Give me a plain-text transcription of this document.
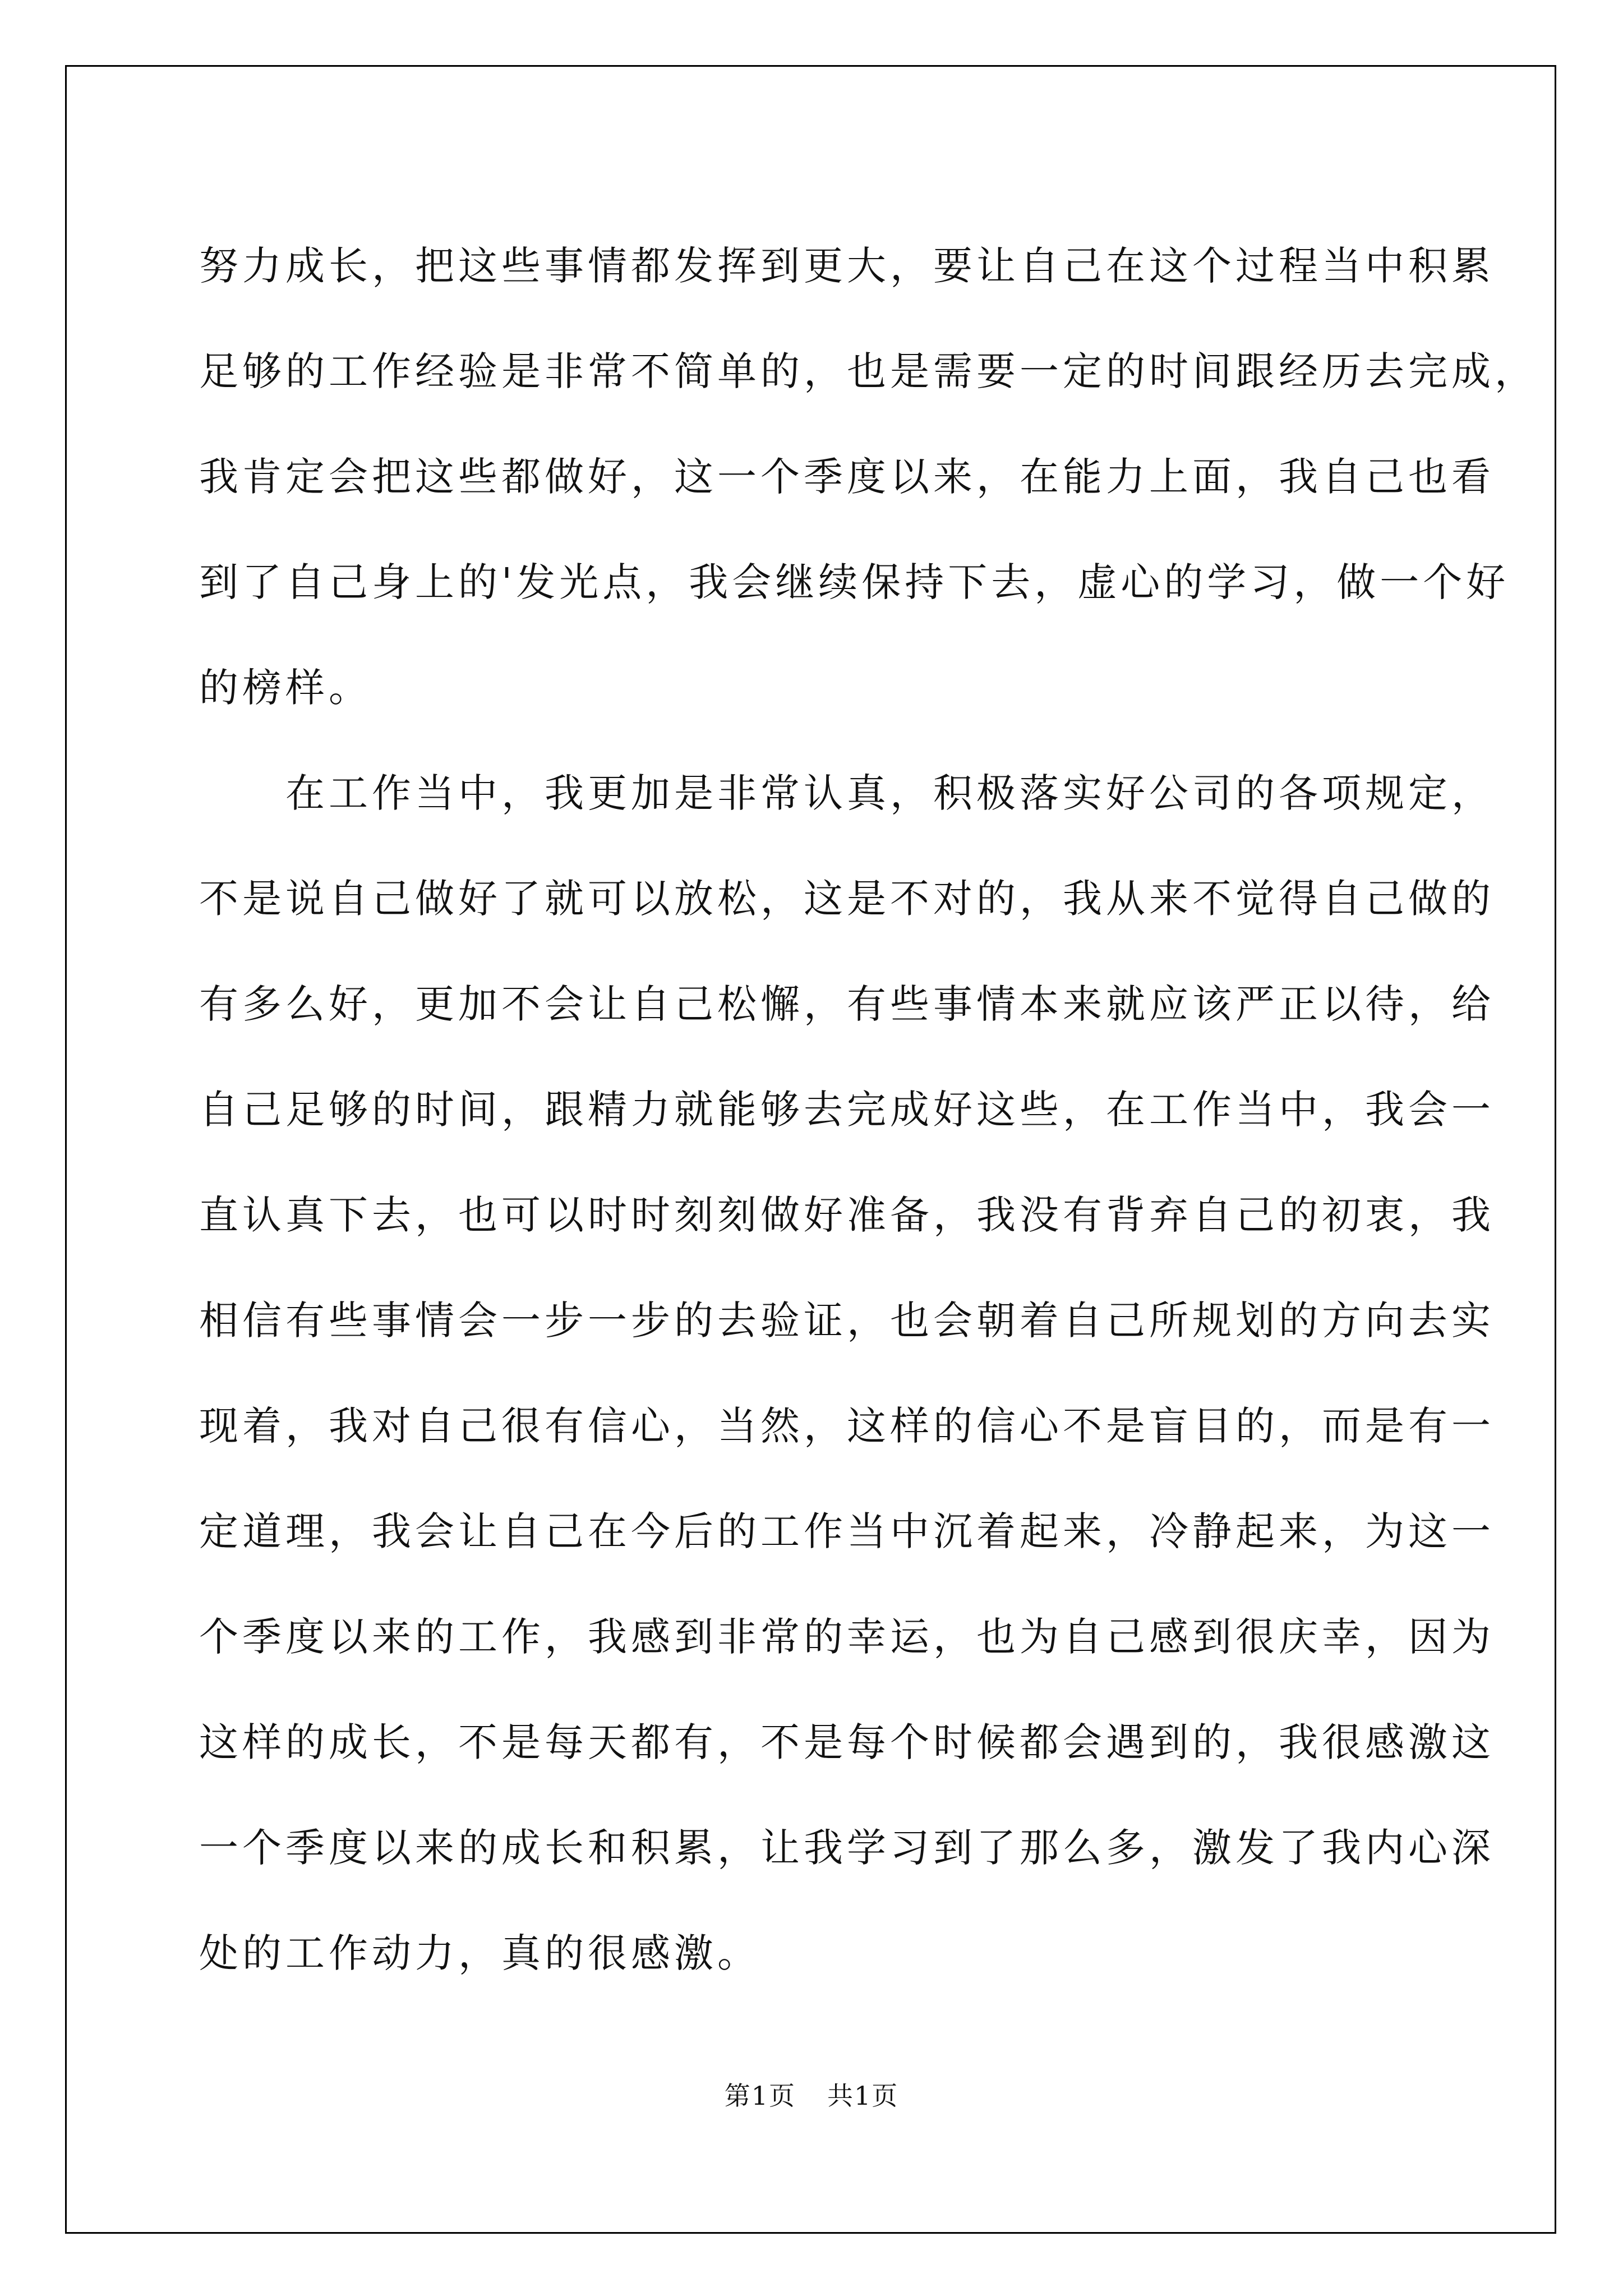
努力成长，把这些事情都发挥到更大，要让自己在这个过程当中积累
足够的工作经验是非常不简单的，也是需要一定的时间跟经历去完成，
我肯定会把这些都做好，这一个季度以来，在能力上面，我自己也看
到了自己身上的'发光点，我会继续保持下去，虚心的学习，做一个好
的榜样。
在工作当中，我更加是非常认真，积极落实好公司的各项规定，
不是说自己做好了就可以放松，这是不对的，我从来不觉得自己做的
有多么好，更加不会让自己松懈，有些事情本来就应该严正以待，给
自己足够的时间，跟精力就能够去完成好这些，在工作当中，我会一
直认真下去，也可以时时刻刻做好准备，我没有背弃自己的初衷，我
相信有些事情会一步一步的去验证，也会朝着自己所规划的方向去实
现着，我对自己很有信心，当然，这样的信心不是盲目的，而是有一
定道理，我会让自己在今后的工作当中沉着起来，冷静起来，为这一
个季度以来的工作，我感到非常的幸运，也为自己感到很庆幸，因为
这样的成长，不是每天都有，不是每个时候都会遇到的，我很感激这
一个季度以来的成长和积累，让我学习到了那么多，激发了我内心深
处的工作动力，真的很感激。
第1页 共1页
